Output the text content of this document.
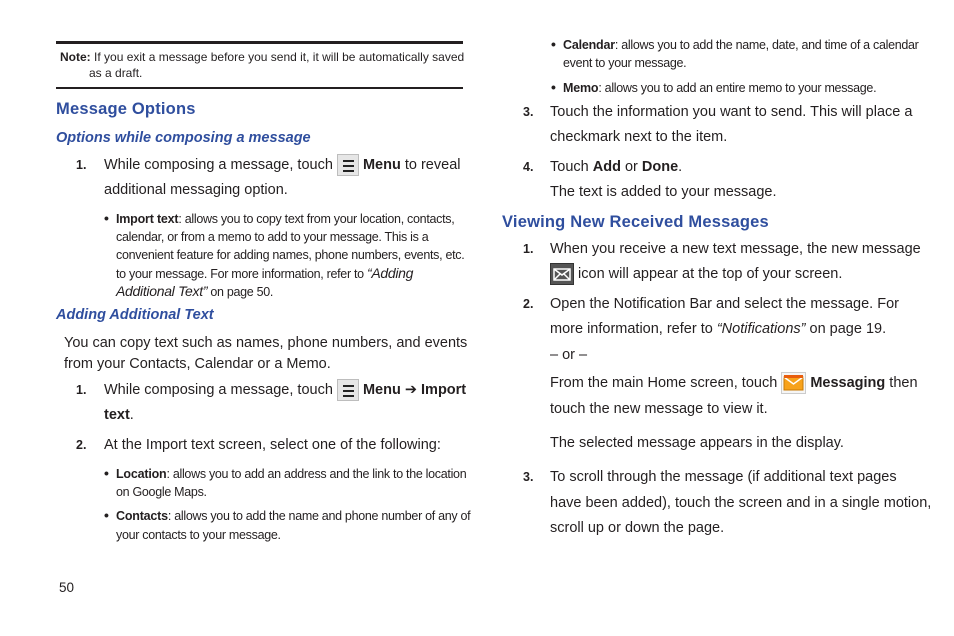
Note: If you exit a message before you send it, it will be automatically saved
as a draft.
Message Options
Options while composing a message
1. While composing a message, touch Menu to reveal
additional messaging option.
• Import text: allows you to copy text from your location, contacts,
calendar, or from a memo to add to your message. This is a
convenient feature for adding names, phone numbers, events, etc.
to your message. For more information, refer to “Adding
Additional Text” on page 50.
Adding Additional Text
You can copy text such as names, phone numbers, and events
from your Contacts, Calendar or a Memo.
1. While composing a message, touch Menu ➔ Import
text.
2. At the Import text screen, select one of the following:
• Location: allows you to add an address and the link to the location
on Google Maps.
• Contacts: allows you to add the name and phone number of any of
your contacts to your message.
50
• Calendar: allows you to add the name, date, and time of a calendar
event to your message.
• Memo: allows you to add an entire memo to your message.
3. Touch the information you want to send. This will place a
checkmark next to the item.
4. Touch Add or Done.
The text is added to your message.
Viewing New Received Messages
1. When you receive a new text message, the new message
icon will appear at the top of your screen.
2. Open the Notification Bar and select the message. For
more information, refer to “Notifications” on page 19.
– or –
From the main Home screen, touch Messaging then
touch the new message to view it.
The selected message appears in the display.
3. To scroll through the message (if additional text pages
have been added), touch the screen and in a single motion,
scroll up or down the page.
